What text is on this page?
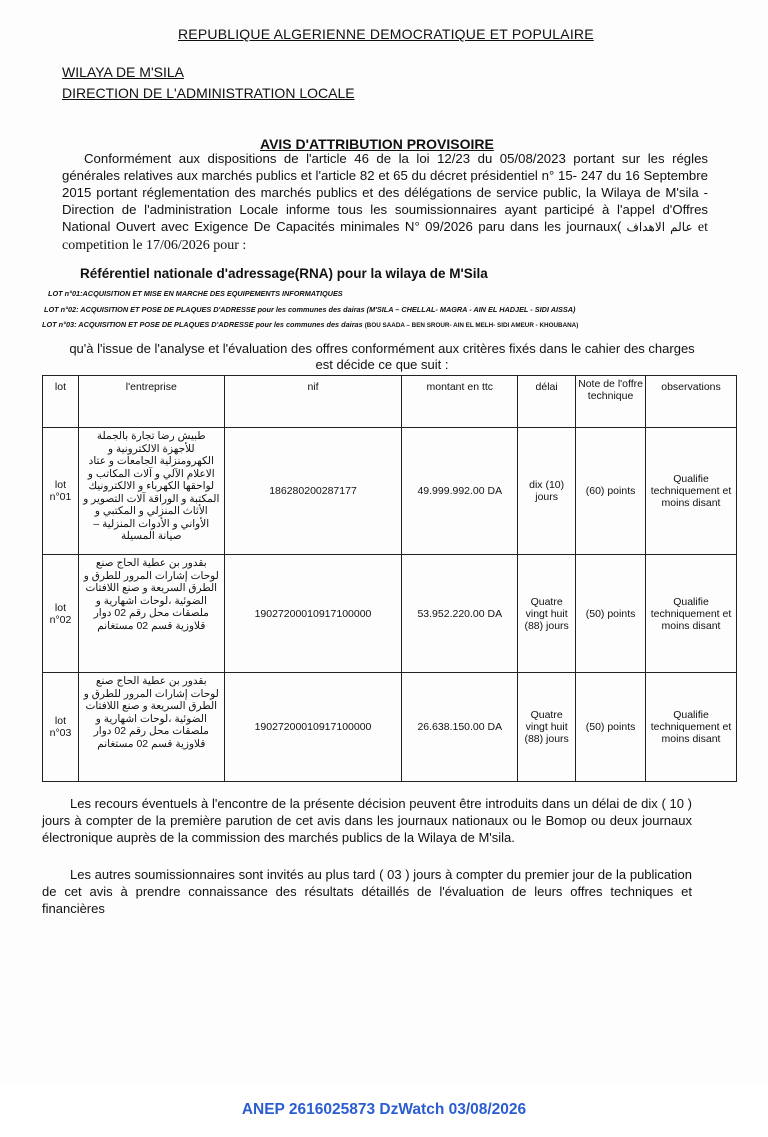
REPUBLIQUE ALGERIENNE DEMOCRATIQUE ET POPULAIRE
WILAYA DE M'SILA
DIRECTION DE L'ADMINISTRATION LOCALE
AVIS D'ATTRIBUTION PROVISOIRE
Conformément aux dispositions de l'article 46 de la loi 12/23 du 05/08/2023 portant sur les régles générales relatives aux marchés publics et l'article 82 et 65 du décret présidentiel n° 15- 247 du 16 Septembre 2015 portant réglementation des marchés publics et des délégations de service public, la Wilaya de M'sila - Direction de l'administration Locale informe tous les soumissionnaires ayant participé à l'appel d'Offres National Ouvert avec Exigence De Capacités minimales N° 09/2026 paru dans les journaux( عالم الاهداف et competition le 17/06/2026 pour :
Référentiel nationale d'adressage(RNA) pour la wilaya de M'Sila
LOT n°01:ACQUISITION ET MISE EN MARCHE DES EQUIPEMENTS INFORMATIQUES
LOT n°02: ACQUISITION ET POSE DE PLAQUES D'ADRESSE pour les communes des dairas (M'SILA – CHELLAL- MAGRA - AIN EL HADJEL - SIDI AISSA)
LOT n°03: ACQUISITION ET POSE DE PLAQUES D'ADRESSE pour les communes des dairas (BOU SAADA – BEN SROUR- AIN EL MELH- SIDI AMEUR - KHOUBANA)
qu'à l'issue de l'analyse et l'évaluation des offres conformément aux critères fixés dans le cahier des charges est décide ce que suit :
lot	l'entreprise	nif	montant en ttc	délai	Note de l'offre technique	observations
lot n°01	طبيش رضا تجارة بالجملة للأجهزة الالكترونية و الكهرومنزلية الجامعات و عتاد الاعلام الآلي و آلات المكاتب و لواحقها الكهرباء و الالكترونيك المكتبة و الوراقة آلات التصوير و الأثاث المنزلي و المكتبي و الأواني و الأدوات المنزلية – صيانة المسيلة	186280200287177	49.999.992.00 DA	dix (10) jours	(60) points	Qualifie techniquement et moins disant
lot n°02	بقدور بن عطية الحاج صنع لوحات إشارات المرور للطرق و الطرق السريعة و صنع اللافتات الضوئية ،لوحات اشهارية و ملصقات محل رقم 02 دوار قلاوزية قسم 02 مستغانم	19027200010917100000	53.952.220.00 DA	Quatre vingt huit (88) jours	(50) points	Qualifie techniquement et moins disant
lot n°03	بقدور بن عطية الحاج صنع لوحات إشارات المرور للطرق و الطرق السريعة و صنع اللافتات الضوئية ،لوحات اشهارية و ملصقات محل رقم 02 دوار قلاوزية قسم 02 مستغانم	19027200010917100000	26.638.150.00 DA	Quatre vingt huit (88) jours	(50) points	Qualifie techniquement et moins disant
Les recours éventuels à l'encontre de la présente décision peuvent être introduits dans un délai de dix ( 10 ) jours à compter de la première parution de cet avis dans les journaux nationaux ou le Bomop ou deux journaux électronique auprès de la commission des marchés publics de la Wilaya de M'sila.
Les autres soumissionnaires sont invités au plus tard ( 03 ) jours à compter du premier jour de la publication de cet avis à prendre connaissance des résultats détaillés de l'évaluation de leurs offres techniques et financières
ANEP 2616025873 DzWatch 03/08/2026
